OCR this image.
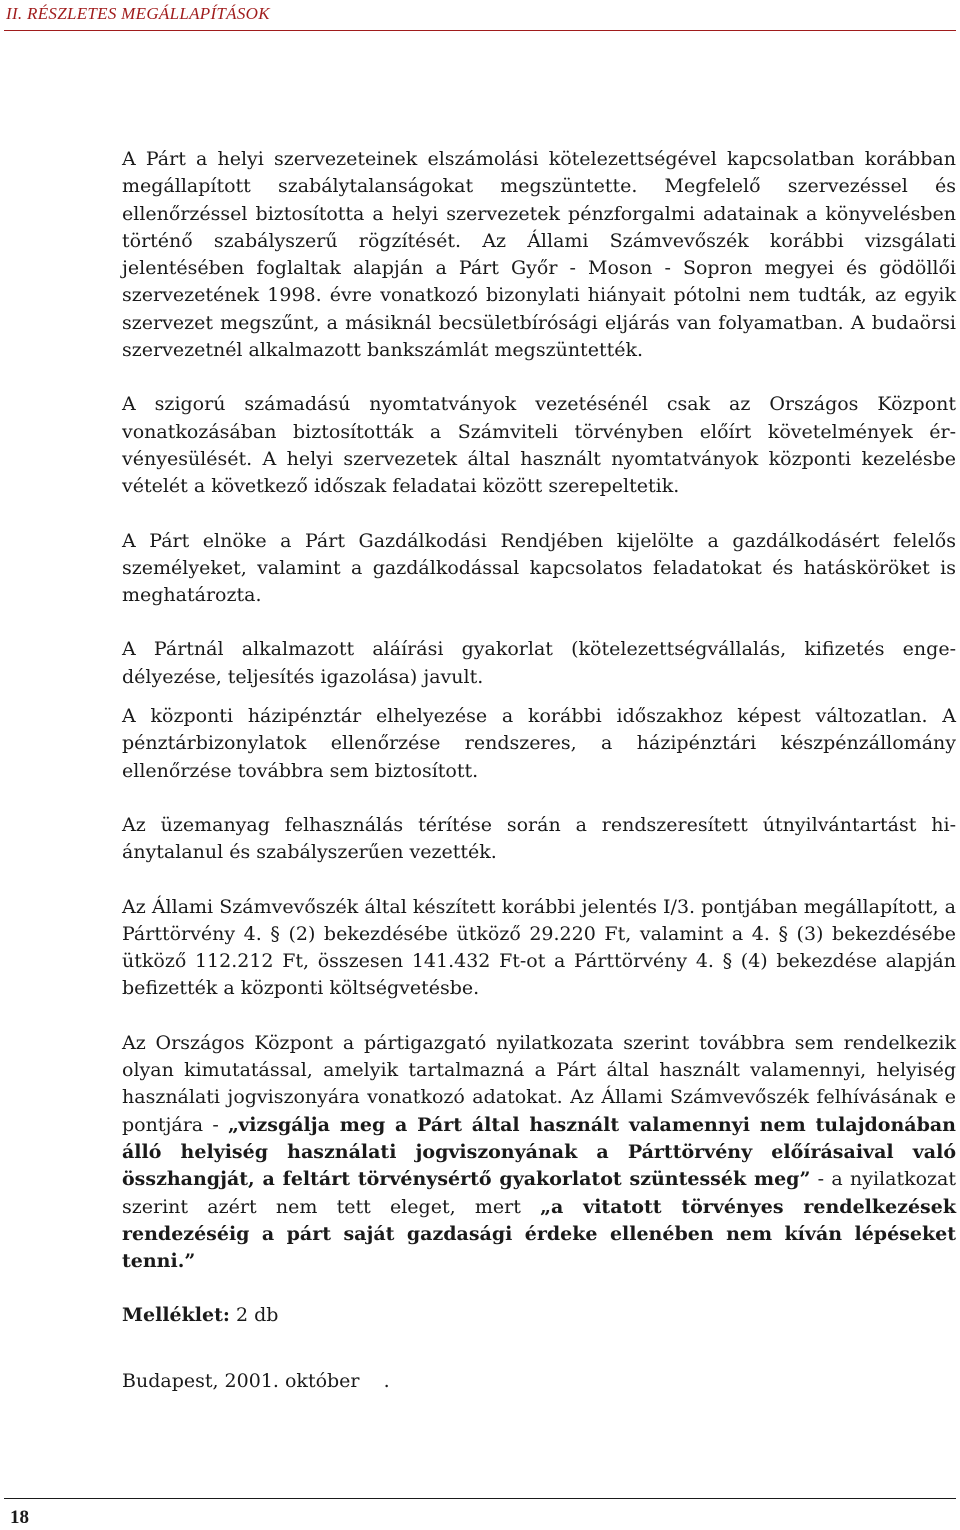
II. RÉSZLETES MEGÁLLAPÍTÁSOK

A Párt a helyi szervezeteinek elszámolási kötelezettségével kapcsolatban korábban megállapított szabálytalanságokat megszüntette. Megfelelő szervezéssel és ellenőrzéssel biztosította a helyi szervezetek pénzforgalmi adatainak a könyvelésben történő szabályszerű rögzítését. Az Állami Számvevőszék korábbi vizsgálati jelentésében foglaltak alapján a Párt Győr - Moson - Sopron megyei és gödöllői szervezetének 1998. évre vonatkozó bizonylati hiányait pótolni nem tudták, az egyik szervezet megszűnt, a másiknál becsületbírósági eljárás van folyamatban. A budaörsi szervezetnél alkalmazott bankszámlát megszüntették.

A szigorú számadású nyomtatványok vezetésénél csak az Országos Központ vonatkozásában biztosították a Számviteli törvényben előírt követelmények érvényesülését. A helyi szervezetek által használt nyomtatványok központi kezelésbe vételét a következő időszak feladatai között szerepeltetik.

A Párt elnöke a Párt Gazdálkodási Rendjében kijelölte a gazdálkodásért felelős személyeket, valamint a gazdálkodással kapcsolatos feladatokat és hatásköröket is meghatározta.

A Pártnál alkalmazott aláírási gyakorlat (kötelezettségvállalás, kifizetés engedélyezése, teljesítés igazolása) javult.

A központi házipénztár elhelyezése a korábbi időszakhoz képest változatlan. A pénztárbizonylatok ellenőrzése rendszeres, a házipénztári készpénzállomány ellenőrzése továbbra sem biztosított.

Az üzemanyag felhasználás térítése során a rendszeresített útnyilvántartást hiánytalanul és szabályszerűen vezették.

Az Állami Számvevőszék által készített korábbi jelentés I/3. pontjában megállapított, a Párttörvény 4. § (2) bekezdésébe ütköző 29.220 Ft, valamint a 4. § (3) bekezdésébe ütköző 112.212 Ft, összesen 141.432 Ft-ot a Párttörvény 4. § (4) bekezdése alapján befizették a központi költségvetésbe.

Az Országos Központ a pártigazgató nyilatkozata szerint továbbra sem rendelkezik olyan kimutatással, amelyik tartalmazná a Párt által használt valamennyi, helyiség használati jogviszonyára vonatkozó adatokat. Az Állami Számvevőszék felhívásának e pontjára - „vizsgálja meg a Párt által használt valamennyi nem tulajdonában álló helyiség használati jogviszonyának a Párttörvény előírásaival való összhangját, a feltárt törvénysértő gyakorlatot szüntessék meg” - a nyilatkozat szerint azért nem tett eleget, mert „a vitatott törvényes rendelkezések rendezéséig a párt saját gazdasági érdeke ellenében nem kíván lépéseket tenni.”

Melléklet: 2 db

Budapest, 2001. október    .

18
